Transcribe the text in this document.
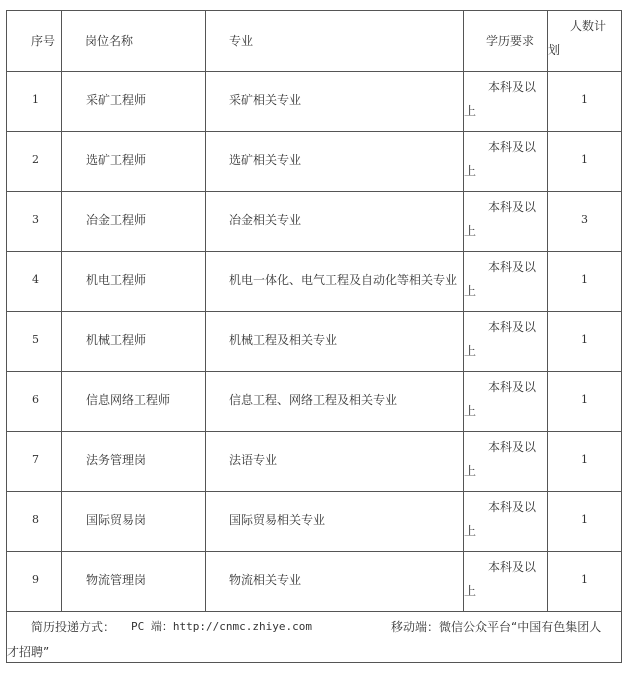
序号	岗位名称	专业	学历要求	人数计
划

1	采矿工程师	采矿相关专业	本科及以
上	1

2	选矿工程师	选矿相关专业	本科及以
上	1

3	冶金工程师	冶金相关专业	本科及以
上	3

4	机电工程师	机电一体化、电气工程及自动化等相关专业	本科及以
上	1

5	机械工程师	机械工程及相关专业	本科及以
上	1

6	信息网络工程师	信息工程、网络工程及相关专业	本科及以
上	1

7	法务管理岗	法语专业	本科及以
上	1

8	国际贸易岗	国际贸易相关专业	本科及以
上	1

9	物流管理岗	物流相关专业	本科及以
上	1

简历投递方式： PC 端：http://cnmc.zhiye.com 移动端：微信公众平台“中国有色集团人
才招聘”				
